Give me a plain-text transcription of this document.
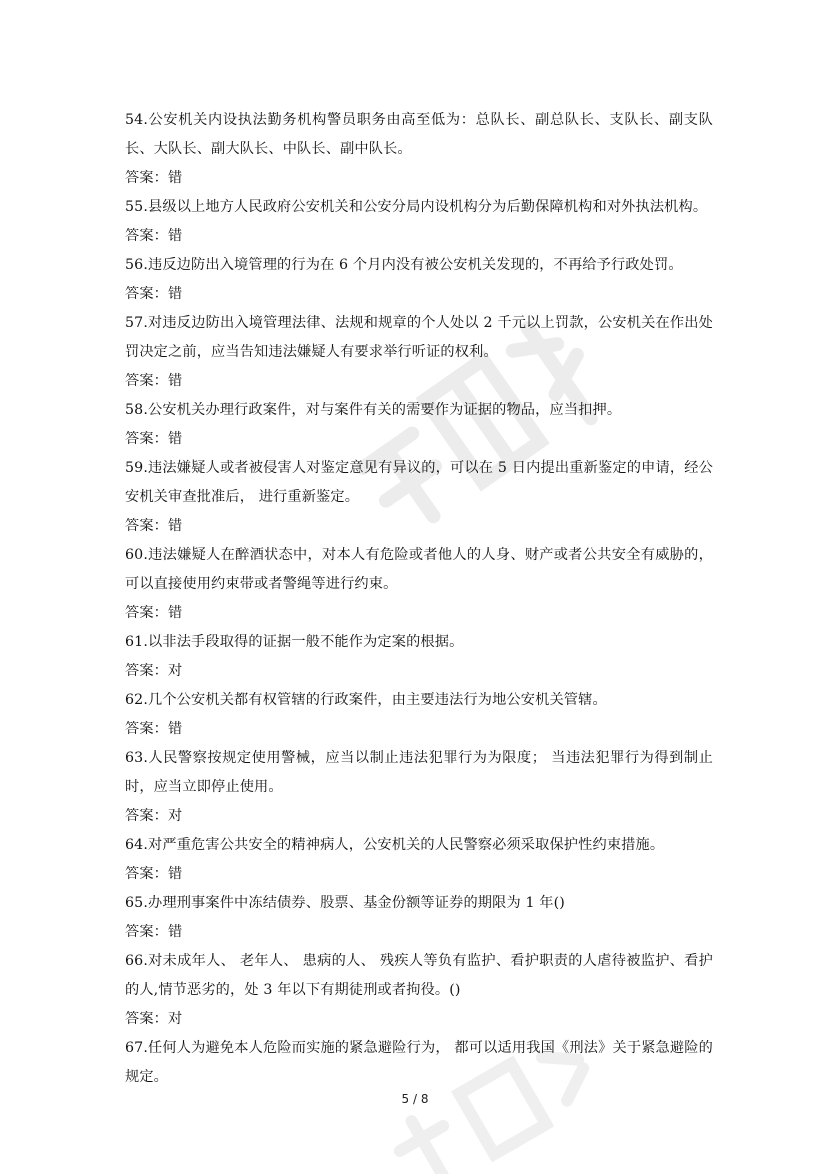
54.公安机关内设执法勤务机构警员职务由高至低为：总队长、副总队长、支队长、副支队长、大队长、副大队长、中队长、副中队长。

答案：错

55.县级以上地方人民政府公安机关和公安分局内设机构分为后勤保障机构和对外执法机构。

答案：错

56.违反边防出入境管理的行为在 6 个月内没有被公安机关发现的，不再给予行政处罚。

答案：错

57.对违反边防出入境管理法律、法规和规章的个人处以 2 千元以上罚款，公安机关在作出处罚决定之前，应当告知违法嫌疑人有要求举行听证的权利。

答案：错

58.公安机关办理行政案件，对与案件有关的需要作为证据的物品，应当扣押。

答案：错

59.违法嫌疑人或者被侵害人对鉴定意见有异议的，可以在 5 日内提出重新鉴定的申请，经公安机关审查批准后， 进行重新鉴定。

答案：错

60.违法嫌疑人在醉酒状态中，对本人有危险或者他人的人身、财产或者公共安全有威胁的，可以直接使用约束带或者警绳等进行约束。

答案：错

61.以非法手段取得的证据一般不能作为定案的根据。

答案：对

62.几个公安机关都有权管辖的行政案件，由主要违法行为地公安机关管辖。

答案：错

63.人民警察按规定使用警械，应当以制止违法犯罪行为为限度； 当违法犯罪行为得到制止时，应当立即停止使用。

答案：对

64.对严重危害公共安全的精神病人，公安机关的人民警察必须采取保护性约束措施。

答案：错

65.办理刑事案件中冻结债券、股票、基金份额等证券的期限为 1 年()

答案：错

66.对未成年人、 老年人、 患病的人、 残疾人等负有监护、看护职责的人虐待被监护、看护的人,情节恶劣的，处 3 年以下有期徒刑或者拘役。()

答案：对

67.任何人为避免本人危险而实施的紧急避险行为， 都可以适用我国《刑法》关于紧急避险的规定。

5 / 8
